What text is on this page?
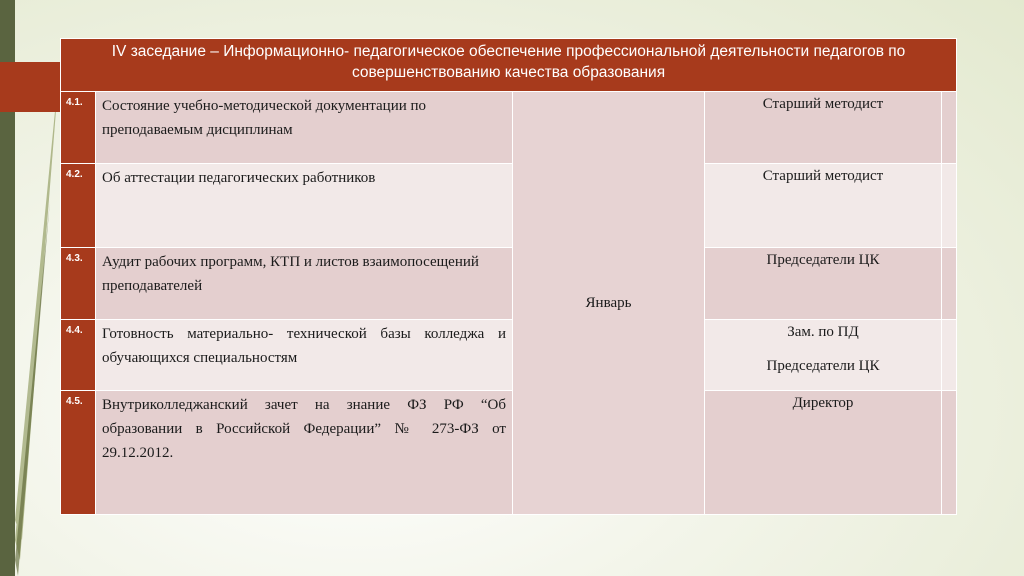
IV заседание – Информационно- педагогическое обеспечение профессиональной деятельности педагогов по совершенствованию качества образования				
4.1.	Состояние учебно-методической документации по преподаваемым дисциплинам	Январь	Старший методист	

4.2.	Об аттестации педагогических работников		Старший методист	

4.3.	Аудит рабочих программ, КТП и листов взаимопосещений преподавателей		Председатели ЦК	

4.4.	Готовность материально- технической базы колледжа и обучающихся специальностям		Зам. по ПД
Председатели ЦК	

4.5.	Внутриколледжанский зачет на знание ФЗ РФ “Об образовании в Российской Федерации” № 273-ФЗ от 29.12.2012.		Директор	
